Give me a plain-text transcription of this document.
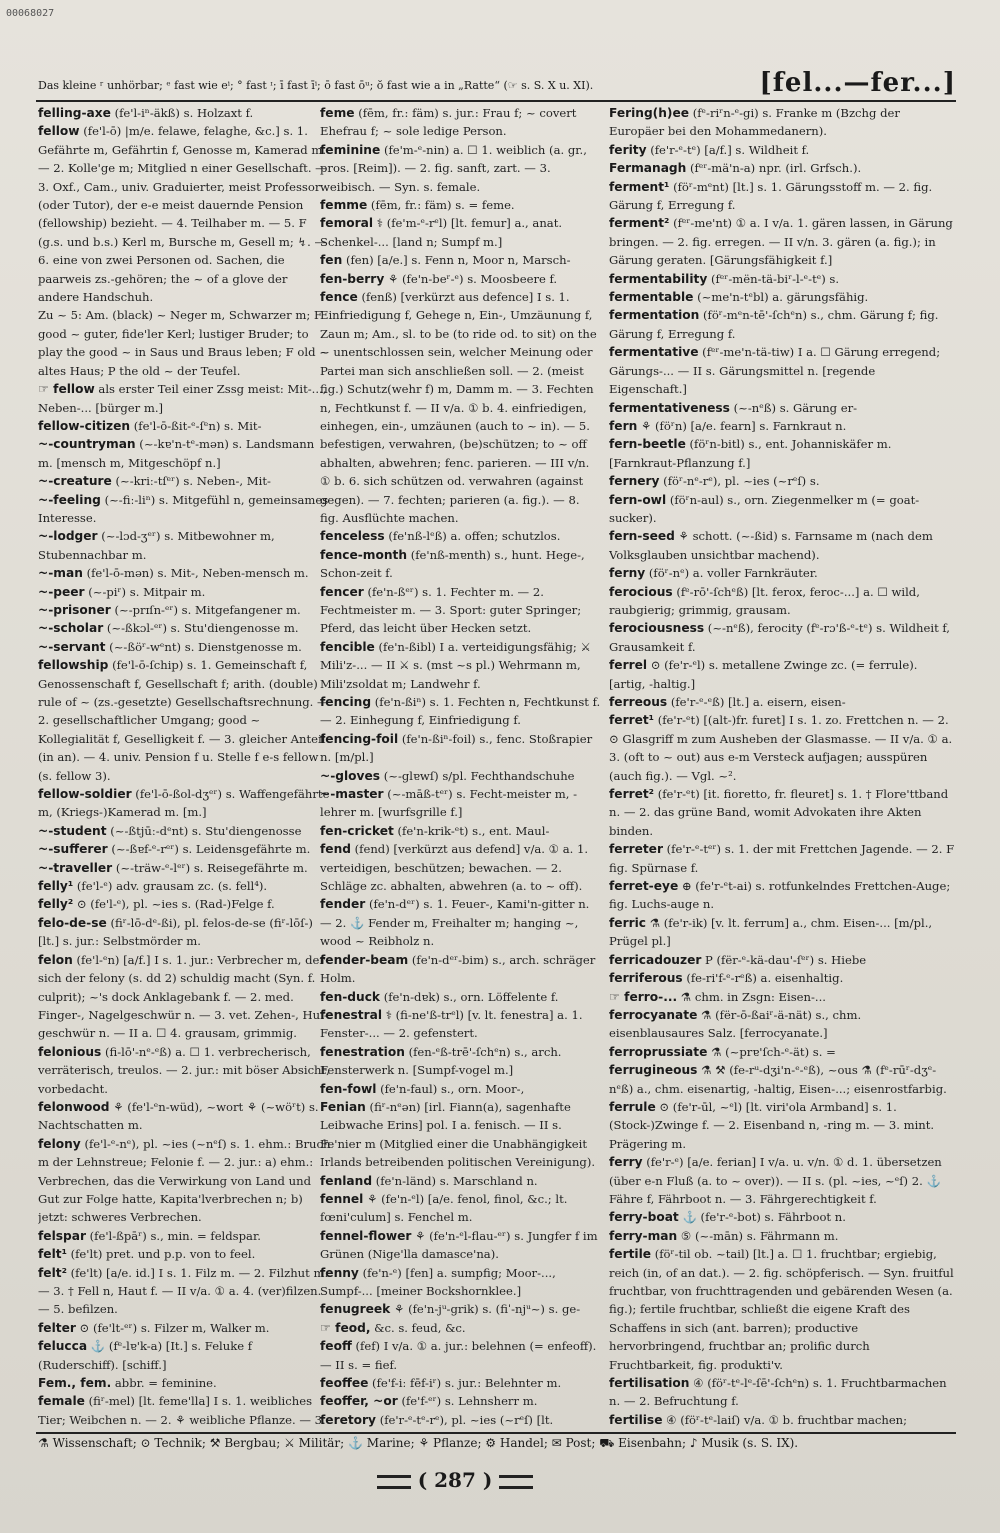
00068027
Das kleine ʳ unhörbar; ᵉ fast wie eⁱ; ° fast ᶦ; ī fast īⁱ; ō fast ōᵘ; ŏ fast wie a in „Ratte“ (☞ s. S. X u. XI).	[fel...—fer...]

felling-axe (fe'l-iⁿ-äkß) s. Holzaxt f.

fellow (fe'l-ō) |m/e. felawe, felaghe, &c.] s. 1. Gefährte m, Gefährtin f, Genosse m, Kamerad m. — 2. Kolle'ge m; Mitglied n einer Gesellschaft. — 3. Oxf., Cam., univ. Graduierter, meist Professor (oder Tutor), der e-e meist dauernde Pension (fellowship) bezieht. — 4. Teilhaber m. — 5. F (g.s. und b.s.) Kerl m, Bursche m, Gesell m; ↯. — 6. eine von zwei Personen od. Sachen, die paarweis zs.-gehören; the ~ of a glove der andere Handschuh.

Zu ~ 5: Am. (black) ~ Neger m, Schwarzer m; F good ~ guter, fide'ler Kerl; lustiger Bruder; to play the good ~ in Saus und Braus leben; F old ~ altes Haus; P the old ~ der Teufel.

☞ fellow als erster Teil einer Zssg meist: Mit-..., Neben-... [bürger m.]

fellow-citizen (fe'l-ō-ßit-ᵉ-ſᵉn) s. Mit-

~-countryman (~-kɐ'n-tᵉ-mən) s. Landsmann m. [mensch m, Mitgeschöpf n.]

~-creature (~-kriː-tſᵉʳ) s. Neben-, Mit-

~-feeling (~-fiː-liⁿ) s. Mitgefühl n, gemeinsames Interesse.

~-lodger (~-lɔd-ʒᵉʳ) s. Mitbewohner m, Stubennachbar m.

~-man (fe'l-ō-mən) s. Mit-, Neben-mensch m.

~-peer (~-piʳ) s. Mitpair m.

~-prisoner (~-prɪſn-ᵉʳ) s. Mitgefangener m.

~-scholar (~-ßkɔl-ᵉʳ) s. Stu'diengenosse m.

~-servant (~-ßöʳ-wᵉnt) s. Dienstgenosse m.

fellowship (fe'l-ō-ſchip) s. 1. Gemeinschaft f, Genossenschaft f, Gesellschaft f; arith. (double) rule of ~ (zs.-gesetzte) Gesellschaftsrechnung. — 2. gesellschaftlicher Umgang; good ~ Kollegialität f, Geselligkeit f. — 3. gleicher Anteil (in an). — 4. univ. Pension f u. Stelle f e-s fellow (s. fellow 3).

fellow-soldier (fe'l-ō-ßol-dʒᵉʳ) s. Waffengefährte m, (Kriegs-)Kamerad m. [m.]

~-student (~-ßtjūː-dᵉnt) s. Stu'diengenosse

~-sufferer (~-ßɐf-ᵉ-rᵉʳ) s. Leidensgefährte m.

~-traveller (~-träw-ᵉ-lᵉʳ) s. Reisegefährte m.

felly¹ (fe'l-ᵉ) adv. grausam zc. (s. fell⁴).

felly² ⊙ (fe'l-ᵉ), pl. ~ies s. (Rad-)Felge f.

felo-de-se (fiʳ-lō-dᵉ-ßi), pl. felos-de-se (fiʳ-lōſ-) [lt.] s. jur.: Selbstmörder m.

felon (fe'l-ᵉn) [a/f.] I s. 1. jur.: Verbrecher m, der sich der felony (s. dd 2) schuldig macht (Syn. f. culprit); ~'s dock Anklagebank f. — 2. med. Finger-, Nagelgeschwür n. — 3. vet. Zehen-, Huf-geschwür n. — II a. ☐ 4. grausam, grimmig.

felonious (fi-lō'-nᵉ-ᵉß) a. ☐ 1. verbrecherisch, verräterisch, treulos. — 2. jur.: mit böser Absicht, vorbedacht.

felonwood ⚘ (fe'l-ᵉn-wüd), ~wort ⚘ (~wöʳt) s. Nachtschatten m.

felony (fe'l-ᵉ-nᵉ), pl. ~ies (~nᵉſ) s. 1. ehm.: Bruch m der Lehnstreue; Felonie f. — 2. jur.: a) ehm.: Verbrechen, das die Verwirkung von Land und Gut zur Folge hatte, Kapita'lverbrechen n; b) jetzt: schweres Verbrechen.

felspar (fe'l-ßpāʳ) s., min. = feldspar.

felt¹ (fe'lt) pret. und p.p. von to feel.

felt² (fe'lt) [a/e. id.] I s. 1. Filz m. — 2. Filzhut m. — 3. † Fell n, Haut f. — II v/a. ① a. 4. (ver)filzen. — 5. befilzen.

felter ⊙ (fe'lt-ᵉʳ) s. Filzer m, Walker m.

felucca ⚓ (fᵉ-lɐ'k-a) [It.] s. Feluke f (Ruderschiff). [schiff.]

Fem., fem. abbr. = feminine.

female (fiʳ-mel) [lt. feme'lla] I s. 1. weibliches Tier; Weibchen n. — 2. ⚘ weibliche Pflanze. — 3.

feme (fēm, fr.: fäm) s. jur.: Frau f; ~ covert Ehefrau f; ~ sole ledige Person.

feminine (fe'm-ᵉ-nin) a. ☐ 1. weiblich (a. gr., pros. [Reim]). — 2. fig. sanft, zart. — 3. weibisch. — Syn. s. female.

femme (fēm, fr.: fäm) s. = feme.

femoral ⚕ (fe'm-ᵉ-rᵉl) [lt. femur] a., anat. Schenkel-... [land n; Sumpf m.]

fen (fen) [a/e.] s. Fenn n, Moor n, Marsch-

fen-berry ⚘ (fe'n-beʳ-ᵉ) s. Moosbeere f.

fence (fenß) [verkürzt aus defence] I s. 1. Einfriedigung f, Gehege n, Ein-, Umzäunung f, Zaun m; Am., sl. to be (to ride od. to sit) on the ~ unentschlossen sein, welcher Meinung oder Partei man sich anschließen soll. — 2. (meist fig.) Schutz(wehr f) m, Damm m. — 3. Fechten n, Fechtkunst f. — II v/a. ① b. 4. einfriedigen, einhegen, ein-, umzäunen (auch to ~ in). — 5. befestigen, verwahren, (be)schützen; to ~ off abhalten, abwehren; fenc. parieren. — III v/n. ① b. 6. sich schützen od. verwahren (against gegen). — 7. fechten; parieren (a. fig.). — 8. fig. Ausflüchte machen.

fenceless (fe'nß-lᵉß) a. offen; schutzlos.

fence-month (fe'nß-mɐnth) s., hunt. Hege-, Schon-zeit f.

fencer (fe'n-ßᵉʳ) s. 1. Fechter m. — 2. Fechtmeister m. — 3. Sport: guter Springer; Pferd, das leicht über Hecken setzt.

fencible (fe'n-ßibl) I a. verteidigungsfähig; ⚔ Mili'z-... — II ⚔ s. (mst ~s pl.) Wehrmann m, Mili'zsoldat m; Landwehr f.

fencing (fe'n-ßiⁿ) s. 1. Fechten n, Fechtkunst f. — 2. Einhegung f, Einfriedigung f.

fencing-foil (fe'n-ßiⁿ-foil) s., fenc. Stoßrapier n. [m/pl.]

~-gloves (~-glɐwſ) s/pl. Fechthandschuhe

~-master (~-māß-tᵉʳ) s. Fecht-meister m, -lehrer m. [wurfsgrille f.]

fen-cricket (fe'n-krik-ᵉt) s., ent. Maul-

fend (fend) [verkürzt aus defend] v/a. ① a. 1. verteidigen, beschützen; bewachen. — 2. Schläge zc. abhalten, abwehren (a. to ~ off).

fender (fe'n-dᵉʳ) s. 1. Feuer-, Kami'n-gitter n. — 2. ⚓ Fender m, Freihalter m; hanging ~, wood ~ Reibholz n.

fender-beam (fe'n-dᵉʳ-bim) s., arch. schräger Holm.

fen-duck (fe'n-dɐk) s., orn. Löffelente f.

fenestral ⚕ (fi-ne'ß-trᵉl) [v. lt. fenestra] a. 1. Fenster-... — 2. gefenstert.

fenestration (fen-ᵉß-trē'-ſchᵉn) s., arch. Fensterwerk n. [Sumpf-vogel m.]

fen-fowl (fe'n-faul) s., orn. Moor-,

Fenian (fiʳ-nᵉən) [irl. Fiann(a), sagenhafte Leibwache Erins] pol. I a. fenisch. — II s. Fe'nier m (Mitglied einer die Unabhängigkeit Irlands betreibenden politischen Vereinigung).

fenland (fe'n-länd) s. Marschland n.

fennel ⚘ (fe'n-ᵉl) [a/e. fenol, finol, &c.; lt. fœni'culum] s. Fenchel m.

fennel-flower ⚘ (fe'n-ᵉl-flau-ᵉʳ) s. Jungfer f im Grünen (Nige'lla damasce'na).

fenny (fe'n-ᵉ) [fen] a. sumpfig; Moor-..., Sumpf-... [meiner Bockshornklee.]

fenugreek ⚘ (fe'n-jᵘ-grik) s. (fiˈ-njᵘ~) s. ge-

☞ feod, &c. s. feud, &c.

feoff (fef) I v/a. ① a. jur.: belehnen (= enfeoff). — II s. = fief.

feoffee (fe'f-iː fēf-iʳ) s. jur.: Belehnter m.

feoffer, ~or (fe'f-ᵉʳ) s. Lehnsherr m.

feretory (fe'r-ᵉ-tᵉ-rᵉ), pl. ~ies (~rᵉſ) [lt.

Fering(h)ee (fᵉ-riʳn-ᵉ-gi) s. Franke m (Bzchg der Europäer bei den Mohammedanern).

ferity (fe'r-ᵉ-tᵉ) [a/f.] s. Wildheit f.

Fermanagh (fᵉʳ-mä'n-a) npr. (irl. Grfsch.).

ferment¹ (föʳ-mᵉnt) [lt.] s. 1. Gärungsstoff m. — 2. fig. Gärung f, Erregung f.

ferment² (fᵉʳ-me'nt) ① a. I v/a. 1. gären lassen, in Gärung bringen. — 2. fig. erregen. — II v/n. 3. gären (a. fig.); in Gärung geraten. [Gärungsfähigkeit f.]

fermentability (fᵉʳ-mën-tä-biʳ-l-ᵉ-tᵉ) s.

fermentable (~me'n-tᵉbl) a. gärungsfähig.

fermentation (föʳ-mᵉn-tē'-ſchᵉn) s., chm. Gärung f; fig. Gärung f, Erregung f.

fermentative (fᵉʳ-me'n-tä-tiw) I a. ☐ Gärung erregend; Gärungs-... — II s. Gärungsmittel n. [regende Eigenschaft.]

fermentativeness (~-nᵉß) s. Gärung er-

fern ⚘ (föʳn) [a/e. fearn] s. Farnkraut n.

fern-beetle (föʳn-bitl) s., ent. Johanniskäfer m. [Farnkraut-Pflanzung f.]

fernery (föʳ-nᵉ-rᵉ), pl. ~ies (~rᵉſ) s.

fern-owl (föʳn-aul) s., orn. Ziegenmelker m (= goat-sucker).

fern-seed ⚘ schott. (~-ßid) s. Farnsame m (nach dem Volksglauben unsichtbar machend).

ferny (föʳ-nᵉ) a. voller Farnkräuter.

ferocious (fᵉ-rō'-ſchᵉß) [lt. ferox, feroc-...] a. ☐ wild, raubgierig; grimmig, grausam.

ferociousness (~-nᵉß), ferocity (fᵉ-rɔ'ß-ᵉ-tᵉ) s. Wildheit f, Grausamkeit f.

ferrel ⊙ (fe'r-ᵉl) s. metallene Zwinge zc. (= ferrule). [artig, -haltig.]

ferreous (fe'r-ᵉ-ᵉß) [lt.] a. eisern, eisen-

ferret¹ (fe'r-ᵉt) [(alt-)fr. furet] I s. 1. zo. Frettchen n. — 2. ⊙ Glasgriff m zum Ausheben der Glasmasse. — II v/a. ① a. 3. (oft to ~ out) aus e-m Versteck aufjagen; ausspüren (auch fig.). — Vgl. ~².

ferret² (fe'r-ᵉt) [it. fioretto, fr. fleuret] s. 1. † Flore'ttband n. — 2. das grüne Band, womit Advokaten ihre Akten binden.

ferreter (fe'r-ᵉ-tᵉʳ) s. 1. der mit Frettchen Jagende. — 2. F fig. Spürnase f.

ferret-eye ⊕ (fe'r-ᵉt-ai) s. rotfunkelndes Frettchen-Auge; fig. Luchs-auge n.

ferric ⚗ (fe'r-ik) [v. lt. ferrum] a., chm. Eisen-... [m/pl., Prügel pl.]

ferricadouzer P (fër-ᵉ-kä-dau'-ſᵉʳ) s. Hiebe

ferriferous (fe-ri'f-ᵉ-rᵉß) a. eisenhaltig.

☞ ferro-... ⚗ chm. in Zsgn: Eisen-...

ferrocyanate ⚗ (fër-ō-ßaiʳ-ä-nät) s., chm. eisenblausaures Salz. [ferrocyanate.]

ferroprussiate ⚗ (~prɐ'ſch-ᵉ-ät) s. =

ferrugineous ⚗ ⚒ (fe-rᵘ-dʒi'n-ᵉ-ᵉß), ~ous ⚗ (fᵉ-rūʳ-dʒᵉ-nᵉß) a., chm. eisenartig, -haltig, Eisen-...; eisenrostfarbig.

ferrule ⊙ (fe'r-ūl, ~ᵉl) [lt. viri'ola Armband] s. 1. (Stock-)Zwinge f. — 2. Eisenband n, -ring m. — 3. mint. Prägering m.

ferry (fe'r-ᵉ) [a/e. ferian] I v/a. u. v/n. ① d. 1. übersetzen (über e-n Fluß (a. to ~ over)). — II s. (pl. ~ies, ~ᵉſ) 2. ⚓ Fähre f, Fährboot n. — 3. Fährgerechtigkeit f.

ferry-boat ⚓ (fe'r-ᵉ-bot) s. Fährboot n.

ferry-man ⑤ (~-mān) s. Fährmann m.

fertile (föʳ-til ob. ~tail) [lt.] a. ☐ 1. fruchtbar; ergiebig, reich (in, of an dat.). — 2. fig. schöpferisch. — Syn. fruitful fruchtbar, von fruchttragenden und gebärenden Wesen (a. fig.); fertile fruchtbar, schließt die eigene Kraft des Schaffens in sich (ant. barren); productive hervorbringend, fruchtbar an; prolific durch Fruchtbarkeit, fig. produkti'v.

fertilisation ④ (föʳ-tᵉ-lᵉ-ſē'-ſchᵉn) s. 1. Fruchtbarmachen n. — 2. Befruchtung f.

fertilise ④ (föʳ-tᵉ-laiſ) v/a. ① b. fruchtbar machen;

⚗ Wissenschaft; ⊙ Technik; ⚒ Bergbau; ⚔ Militär; ⚓ Marine; ⚘ Pflanze; ⚙ Handel; ✉ Post; ⛟ Eisenbahn; ♪ Musik (s. S. IX).
( 287 )
